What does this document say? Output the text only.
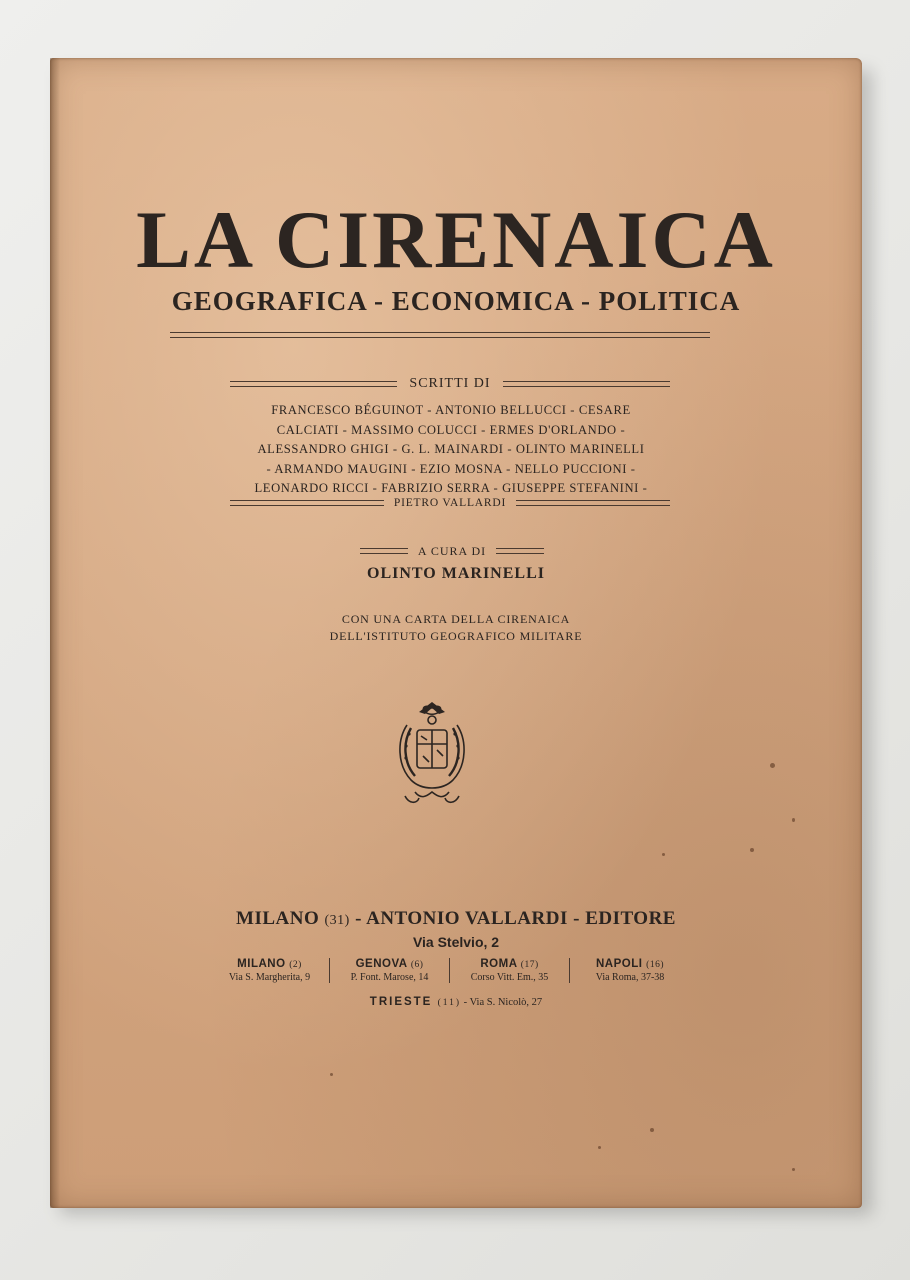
LA CIRENAICA
GEOGRAFICA - ECONOMICA - POLITICA
SCRITTI DI
FRANCESCO BÉGUINOT - ANTONIO BELLUCCI - CESARE
CALCIATI - MASSIMO COLUCCI - ERMES D'ORLANDO -
ALESSANDRO GHIGI - G. L. MAINARDI - OLINTO MARINELLI
- ARMANDO MAUGINI - EZIO MOSNA - NELLO PUCCIONI -
LEONARDO RICCI - FABRIZIO SERRA - GIUSEPPE STEFANINI -
PIETRO VALLARDI
A CURA DI
OLINTO MARINELLI
CON UNA CARTA DELLA CIRENAICA
DELL'ISTITUTO GEOGRAFICO MILITARE
MILANO (31) - ANTONIO VALLARDI - EDITORE
Via Stelvio, 2
MILANO (2)
Via S. Margherita, 9
GENOVA (6)
P. Font. Marose, 14
ROMA (17)
Corso Vitt. Em., 35
NAPOLI (16)
Via Roma, 37-38
TRIESTE (11) - Via S. Nicolò, 27
